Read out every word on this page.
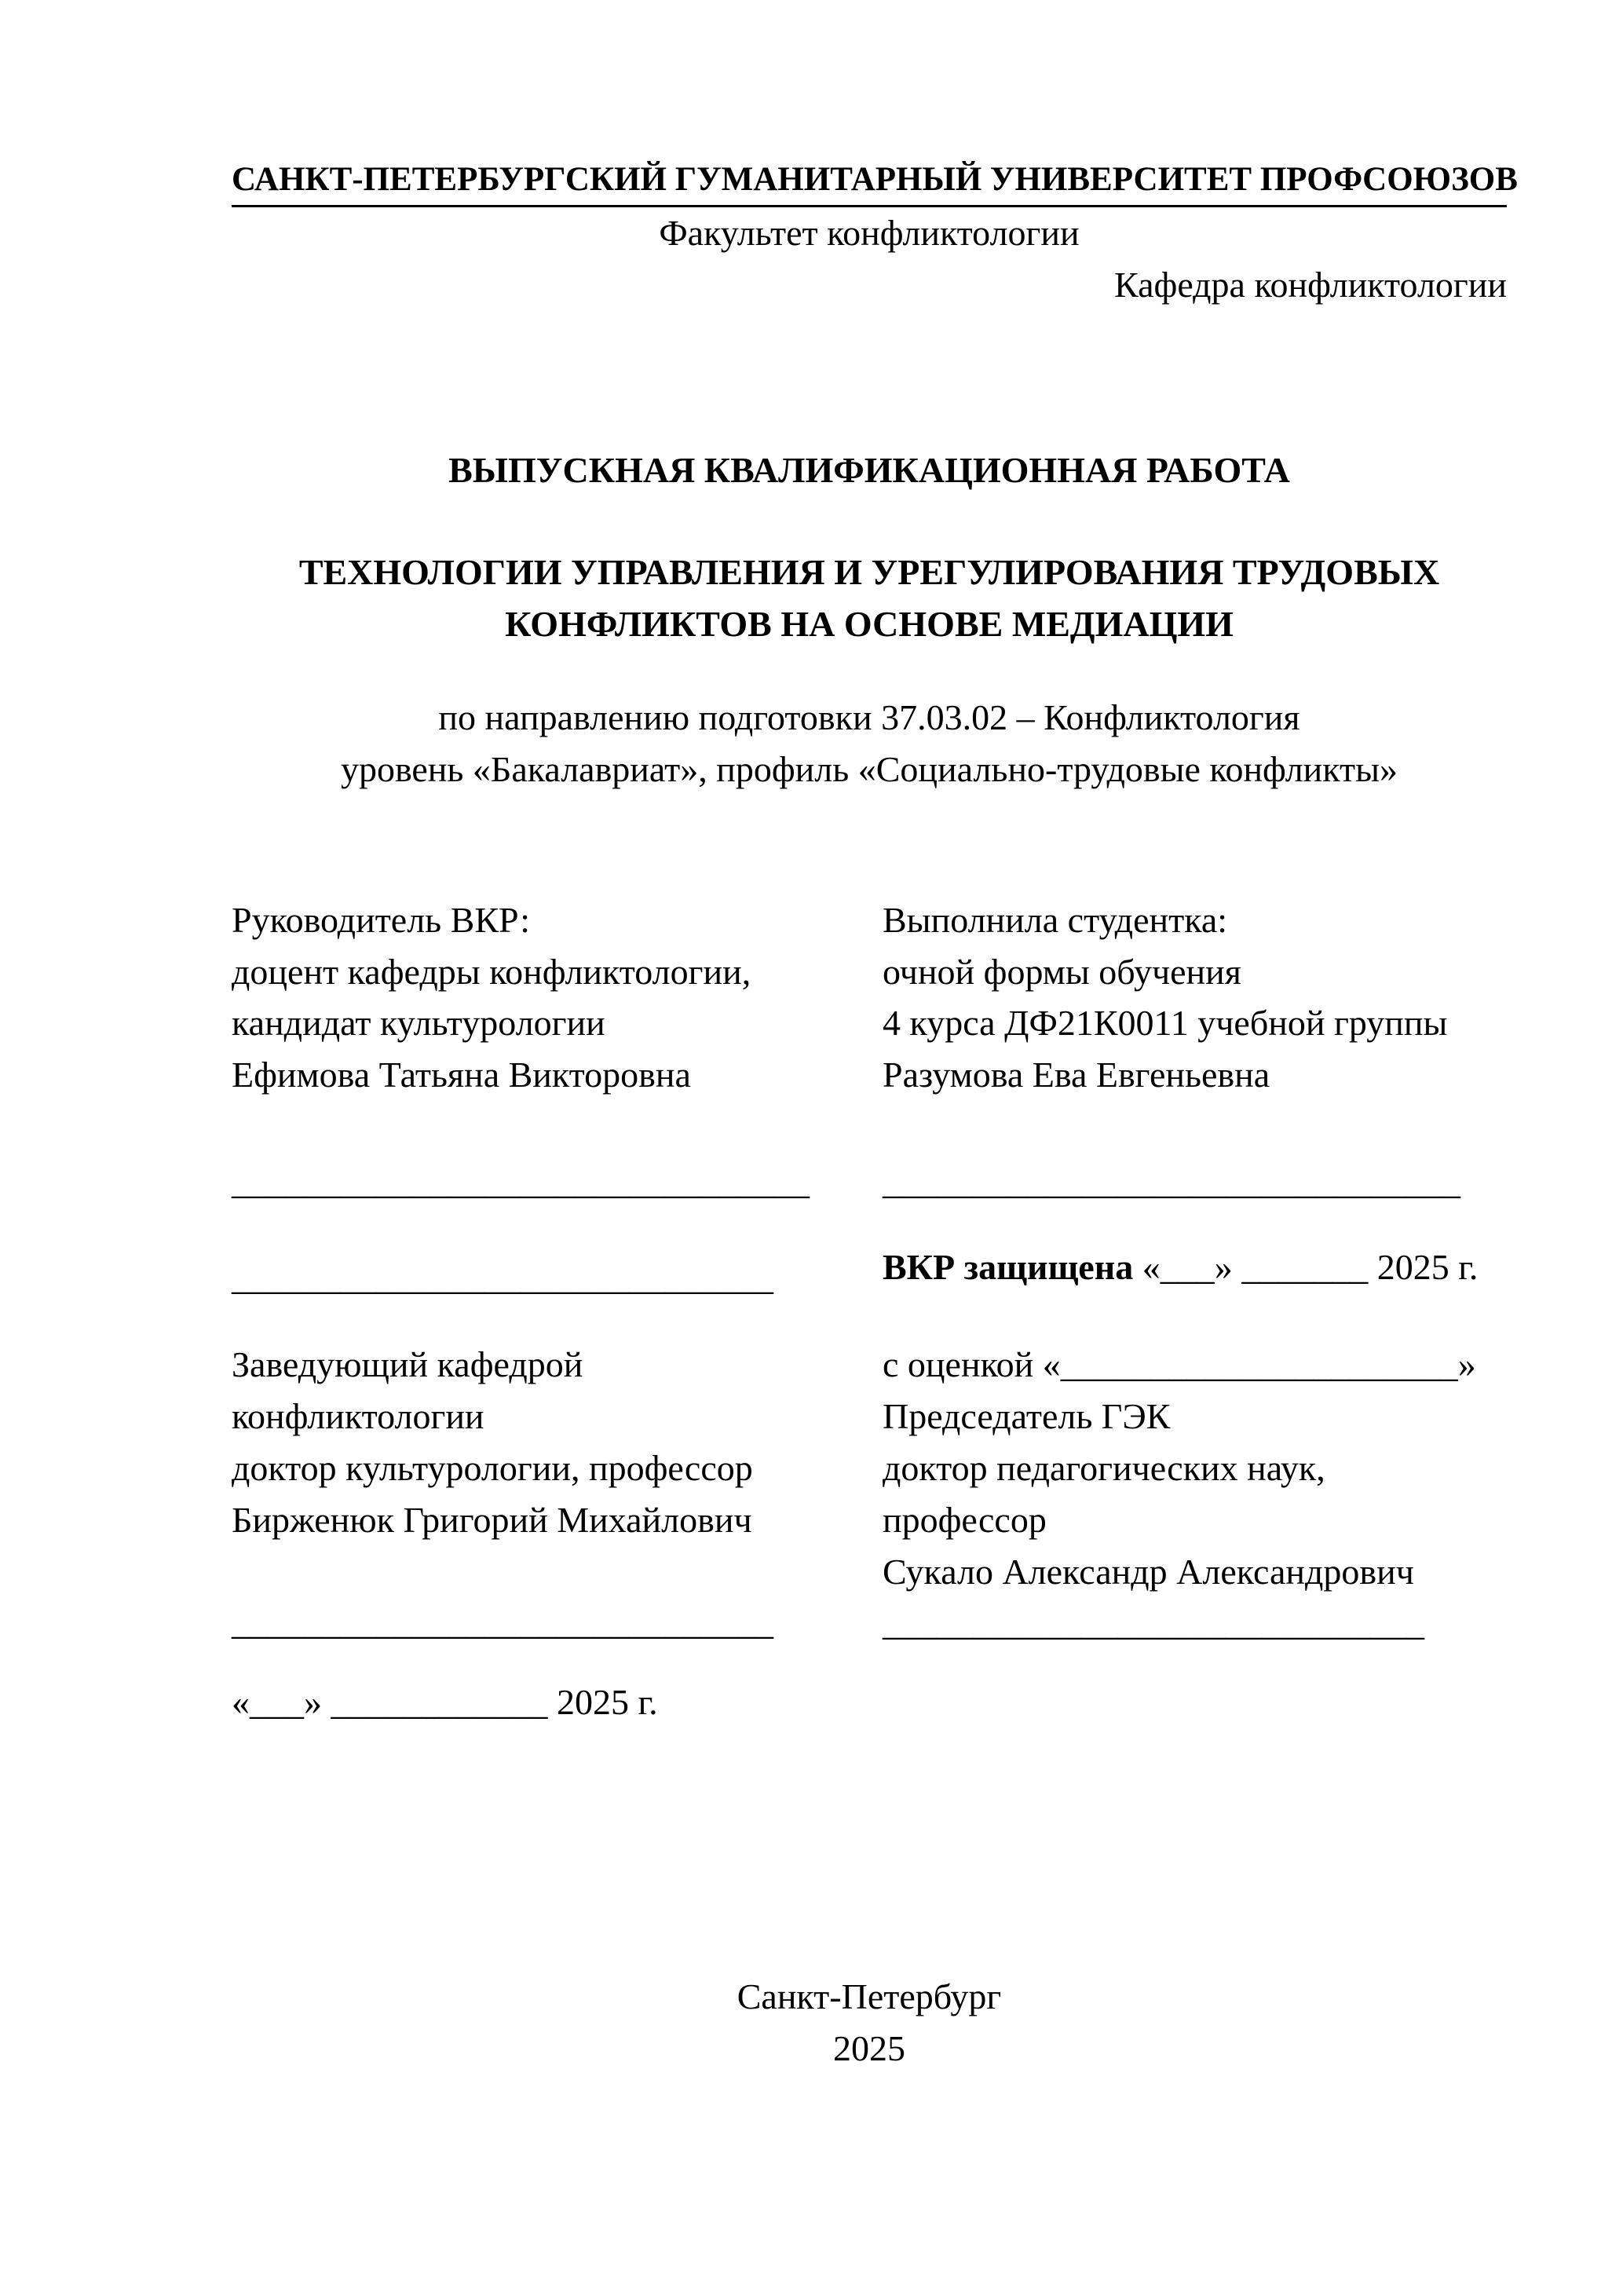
САНКТ-ПЕТЕРБУРГСКИЙ ГУМАНИТАРНЫЙ УНИВЕРСИТЕТ ПРОФСОЮЗОВ
Факультет конфликтологии
Кафедра конфликтологии
ВЫПУСКНАЯ КВАЛИФИКАЦИОННАЯ РАБОТА
ТЕХНОЛОГИИ УПРАВЛЕНИЯ И УРЕГУЛИРОВАНИЯ ТРУДОВЫХ
КОНФЛИКТОВ НА ОСНОВЕ МЕДИАЦИИ
по направлению подготовки 37.03.02 – Конфликтология
уровень «Бакалавриат», профиль «Социально-трудовые конфликты»
Руководитель ВКР:
доцент кафедры конфликтологии,
кандидат культурологии
Ефимова Татьяна Викторовна
________________________________
______________________________
Заведующий кафедрой
конфликтологии
доктор культурологии, профессор
Бирженюк Григорий Михайлович
______________________________
«___» ____________ 2025 г.
Выполнила студентка:
очной формы обучения
4 курса ДФ21К0011 учебной группы
Разумова Ева Евгеньевна
________________________________
ВКР защищена «___» _______ 2025 г.
с оценкой «______________________»
Председатель ГЭК
доктор педагогических наук,
профессор
Сукало Александр Александрович
______________________________
Санкт-Петербург
2025
